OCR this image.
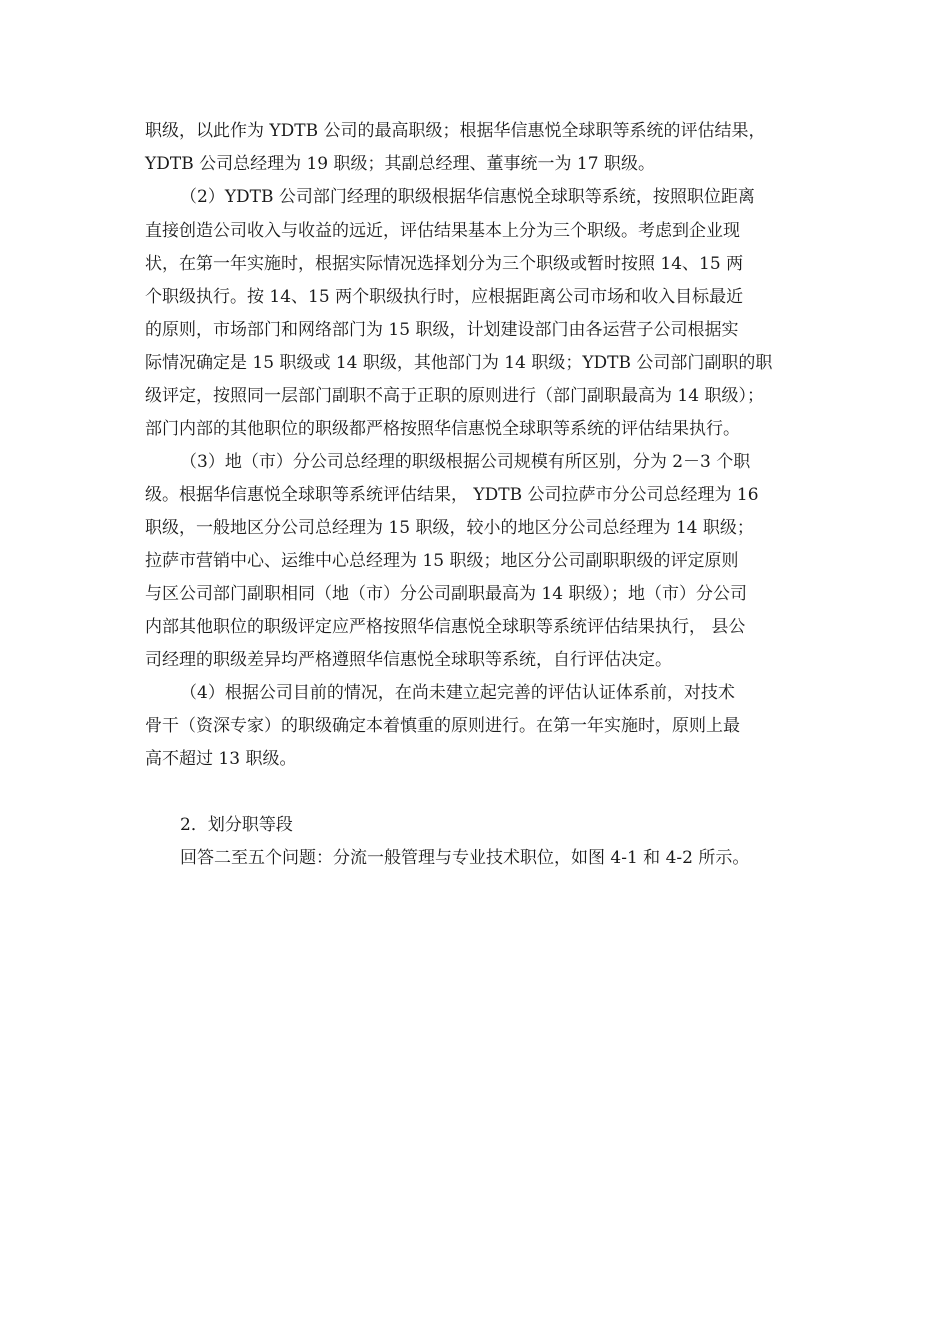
职级，以此作为 YDTB 公司的最高职级；根据华信惠悦全球职等系统的评估结果，
YDTB 公司总经理为 19 职级；其副总经理、董事统一为 17 职级。
（2）YDTB 公司部门经理的职级根据华信惠悦全球职等系统，按照职位距离
直接创造公司收入与收益的远近，评估结果基本上分为三个职级。考虑到企业现
状，在第一年实施时，根据实际情况选择划分为三个职级或暂时按照 14、15 两
个职级执行。按 14、15 两个职级执行时，应根据距离公司市场和收入目标最近
的原则，市场部门和网络部门为 15 职级，计划建设部门由各运营子公司根据实
际情况确定是 15 职级或 14 职级，其他部门为 14 职级；YDTB 公司部门副职的职
级评定，按照同一层部门副职不高于正职的原则进行（部门副职最高为 14 职级）；
部门内部的其他职位的职级都严格按照华信惠悦全球职等系统的评估结果执行。
（3）地（市）分公司总经理的职级根据公司规模有所区别，分为 2－3 个职
级。根据华信惠悦全球职等系统评估结果， YDTB 公司拉萨市分公司总经理为 16
职级，一般地区分公司总经理为 15 职级，较小的地区分公司总经理为 14 职级；
拉萨市营销中心、运维中心总经理为 15 职级；地区分公司副职职级的评定原则
与区公司部门副职相同（地（市）分公司副职最高为 14 职级）；地（市）分公司
内部其他职位的职级评定应严格按照华信惠悦全球职等系统评估结果执行， 县公
司经理的职级差异均严格遵照华信惠悦全球职等系统，自行评估决定。
（4）根据公司目前的情况，在尚未建立起完善的评估认证体系前，对技术
骨干（资深专家）的职级确定本着慎重的原则进行。在第一年实施时，原则上最
高不超过 13 职级。
2．划分职等段
回答二至五个问题：分流一般管理与专业技术职位，如图 4-1 和 4-2 所示。
